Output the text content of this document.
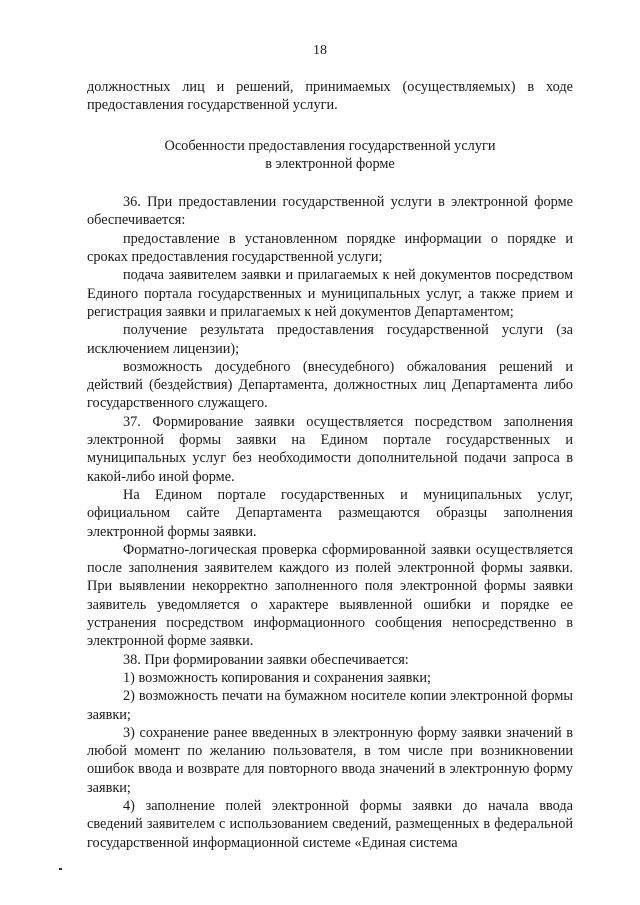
18

должностных лиц и решений, принимаемых (осуществляемых) в ходе предоставления государственной услуги.

Особенности предоставления государственной услуги
в электронной форме

36. При предоставлении государственной услуги в электронной форме обеспечивается:

предоставление в установленном порядке информации о порядке и сроках предоставления государственной услуги;

подача заявителем заявки и прилагаемых к ней документов посредством Единого портала государственных и муниципальных услуг, а также прием и регистрация заявки и прилагаемых к ней документов Департаментом;

получение результата предоставления государственной услуги (за исключением лицензии);

возможность досудебного (внесудебного) обжалования решений и действий (бездействия) Департамента, должностных лиц Департамента либо государственного служащего.

37. Формирование заявки осуществляется посредством заполнения электронной формы заявки на Едином портале государственных и муниципальных услуг без необходимости дополнительной подачи запроса в какой-либо иной форме.

На Едином портале государственных и муниципальных услуг, официальном сайте Департамента размещаются образцы заполнения электронной формы заявки.

Форматно-логическая проверка сформированной заявки осуществляется после заполнения заявителем каждого из полей электронной формы заявки. При выявлении некорректно заполненного поля электронной формы заявки заявитель уведомляется о характере выявленной ошибки и порядке ее устранения посредством информационного сообщения непосредственно в электронной форме заявки.

38. При формировании заявки обеспечивается:

1) возможность копирования и сохранения заявки;

2) возможность печати на бумажном носителе копии электронной формы заявки;

3) сохранение ранее введенных в электронную форму заявки значений в любой момент по желанию пользователя, в том числе при возникновении ошибок ввода и возврате для повторного ввода значений в электронную форму заявки;

4) заполнение полей электронной формы заявки до начала ввода сведений заявителем с использованием сведений, размещенных в федеральной государственной информационной системе «Единая система
